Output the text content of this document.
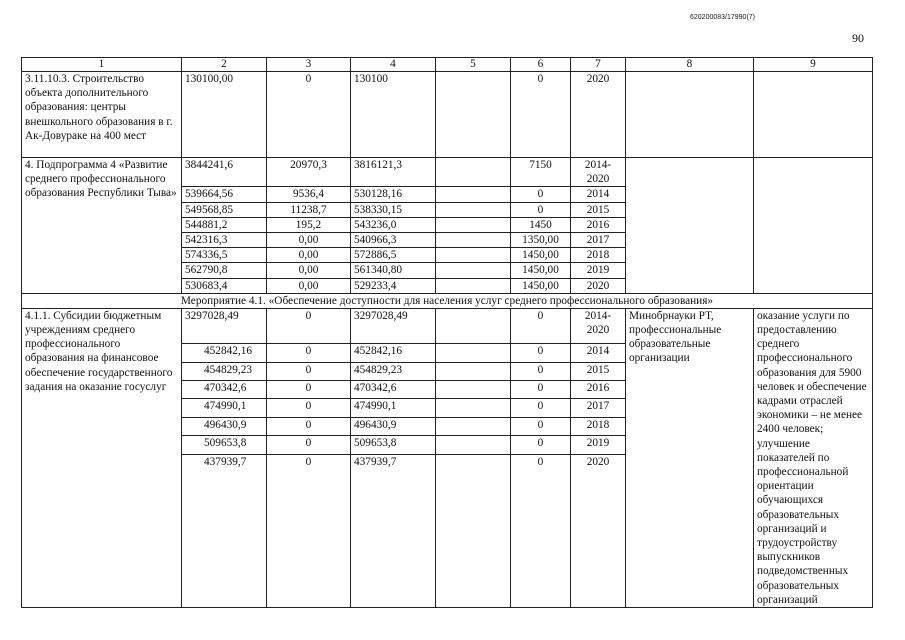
620200083/17990(7)
90
1	2	3	4	5	6	7	8	9
3.11.10.3. Строительство объекта дополнительного образования: центры внешкольного образования в г. Ак-Довураке на 400 мест	130100,00	0	130100		0	2020		
4. Подпрограмма 4 «Развитие среднего профессионального образования Республики Тыва»	3844241,6	20970,3	3816121,3		7150	2014-2020		
	539664,56	9536,4	530128,16		0	2014		
	549568,85	11238,7	538330,15		0	2015		
	544881,2	195,2	543236,0		1450	2016		
	542316,3	0,00	540966,3		1350,00	2017		
	574336,5	0,00	572886,5		1450,00	2018		
	562790,8	0,00	561340,80		1450,00	2019		
	530683,4	0,00	529233,4		1450,00	2020		
Мероприятие 4.1. «Обеспечение доступности для населения услуг среднего профессионального образования»								
4.1.1. Субсидии бюджетным учреждениям среднего профессионального образования на финансовое обеспечение государственного задания на оказание госуслуг	3297028,49	0	3297028,49		0	2014-2020	Минобрнауки РТ, профессиональные образовательные организации	оказание услуги по предоставлению среднего профессионального образования для 5900 человек и обеспечение кадрами отраслей экономики – не менее 2400 человек; улучшение показателей по профессиональной ориентации обучающихся образовательных организаций и трудоустройству выпускников подведомственных образовательных организаций
	452842,16	0	452842,16		0	2014		
	454829,23	0	454829,23		0	2015		
	470342,6	0	470342,6		0	2016		
	474990,1	0	474990,1		0	2017		
	496430,9	0	496430,9		0	2018		
	509653,8	0	509653,8		0	2019		
	437939,7	0	437939,7		0	2020		
